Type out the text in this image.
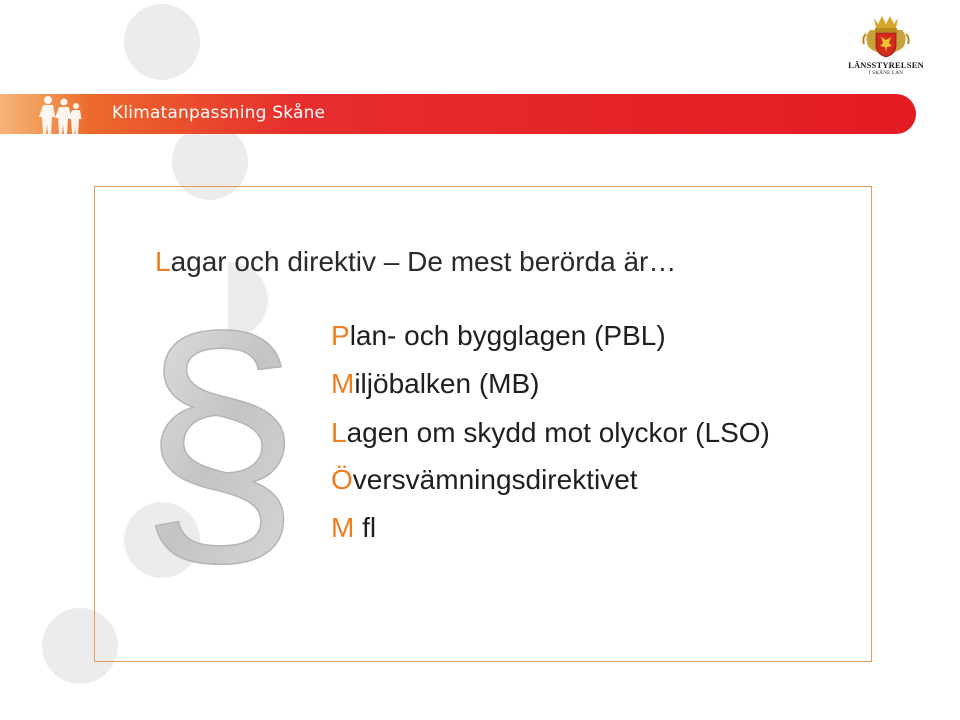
Klimatanpassning Skåne
LÄNSSTYRELSEN
I SKÅNE LÄN
§
Lagar och direktiv – De mest berörda är…
Plan- och bygglagen (PBL)
Miljöbalken (MB)
Lagen om skydd mot olyckor (LSO)
Översvämningsdirektivet
M fl
